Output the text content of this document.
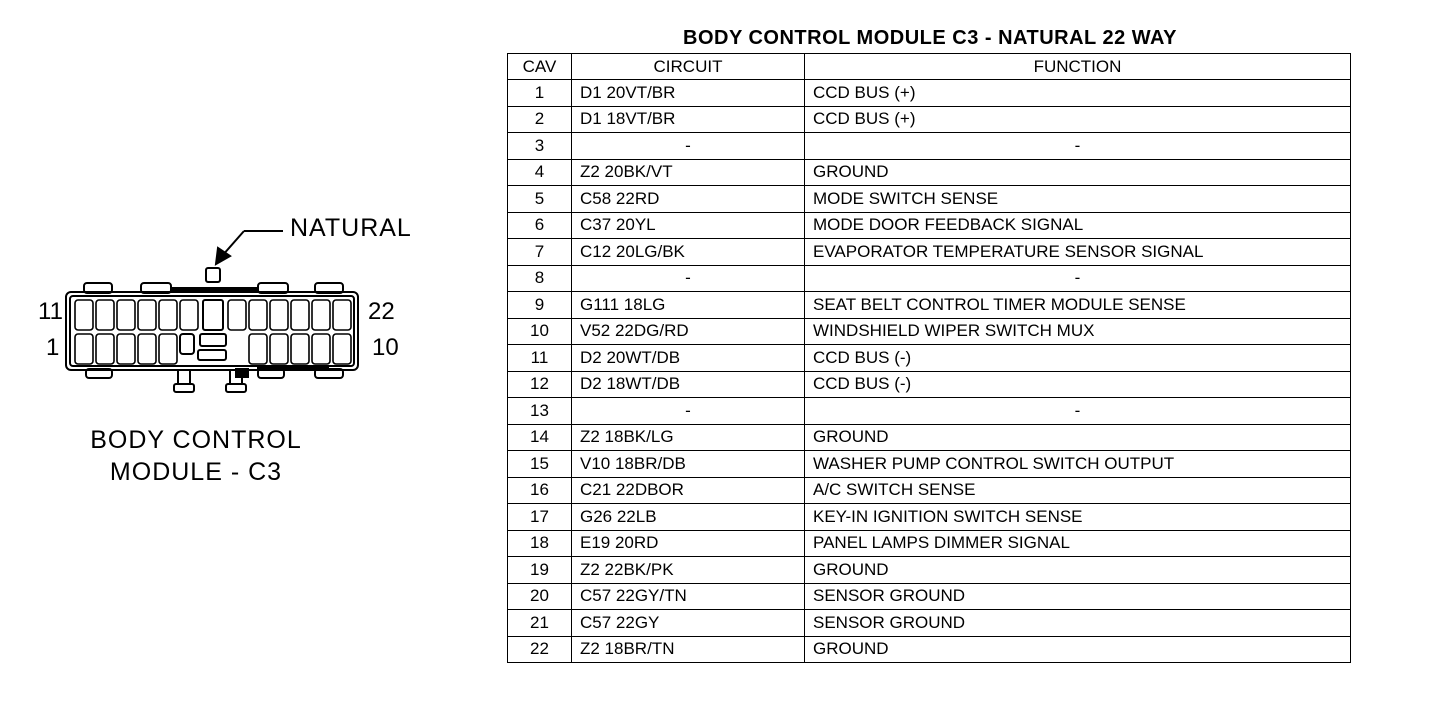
NATURAL
11
1
22
10
BODY CONTROL
MODULE - C3
BODY CONTROL MODULE C3 - NATURAL 22 WAY
CAV	CIRCUIT	FUNCTION
1	D1 20VT/BR	CCD BUS (+)
2	D1 18VT/BR	CCD BUS (+)
3	-	-
4	Z2 20BK/VT	GROUND
5	C58 22RD	MODE SWITCH SENSE
6	C37 20YL	MODE DOOR FEEDBACK SIGNAL
7	C12 20LG/BK	EVAPORATOR TEMPERATURE SENSOR SIGNAL
8	-	-
9	G111 18LG	SEAT BELT CONTROL TIMER MODULE SENSE
10	V52 22DG/RD	WINDSHIELD WIPER SWITCH MUX
11	D2 20WT/DB	CCD BUS (-)
12	D2 18WT/DB	CCD BUS (-)
13	-	-
14	Z2 18BK/LG	GROUND
15	V10 18BR/DB	WASHER PUMP CONTROL SWITCH OUTPUT
16	C21 22DBOR	A/C SWITCH SENSE
17	G26 22LB	KEY-IN IGNITION SWITCH SENSE
18	E19 20RD	PANEL LAMPS DIMMER SIGNAL
19	Z2 22BK/PK	GROUND
20	C57 22GY/TN	SENSOR GROUND
21	C57 22GY	SENSOR GROUND
22	Z2 18BR/TN	GROUND
